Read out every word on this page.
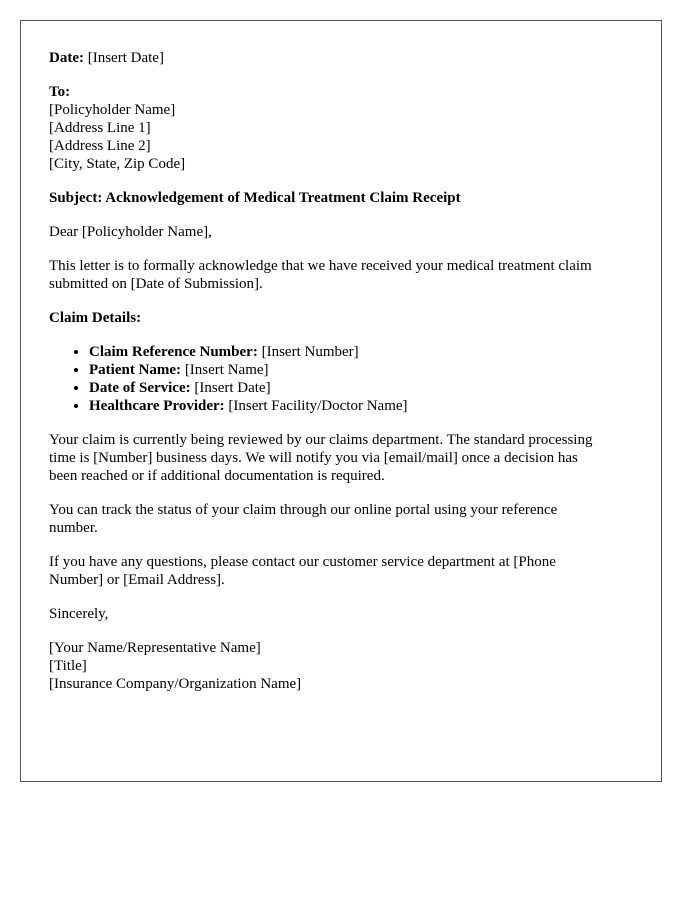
Date: [Insert Date]
To:
[Policyholder Name]
[Address Line 1]
[Address Line 2]
[City, State, Zip Code]
Subject: Acknowledgement of Medical Treatment Claim Receipt

Dear [Policyholder Name],

This letter is to formally acknowledge that we have received your medical treatment claim
submitted on [Date of Submission].

Claim Details:

• Claim Reference Number: [Insert Number]
• Patient Name: [Insert Name]
• Date of Service: [Insert Date]
• Healthcare Provider: [Insert Facility/Doctor Name]

Your claim is currently being reviewed by our claims department. The standard processing
time is [Number] business days. We will notify you via [email/mail] once a decision has
been reached or if additional documentation is required.

You can track the status of your claim through our online portal using your reference
number.

If you have any questions, please contact our customer service department at [Phone
Number] or [Email Address].

Sincerely,

[Your Name/Representative Name]
[Title]
[Insurance Company/Organization Name]
